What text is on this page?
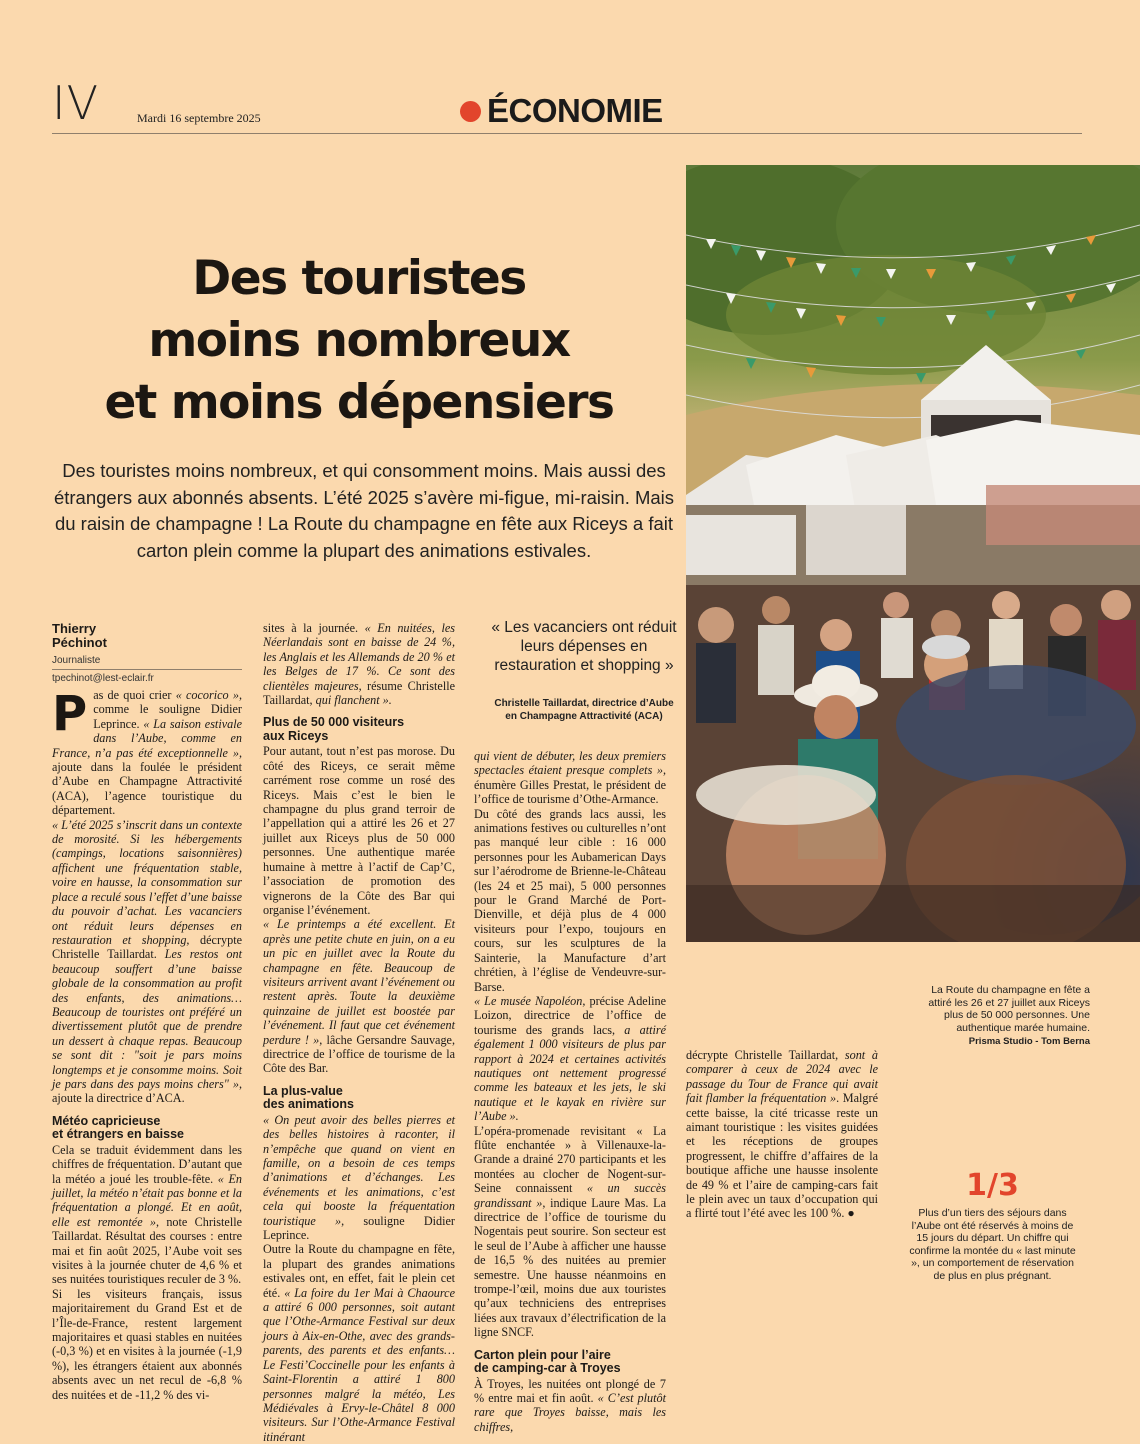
IV	Mardi 16 septembre 2025	ÉCONOMIE
Des touristes
moins nombreux
et moins dépensiers
Des touristes moins nombreux, et qui consomment moins. Mais aussi des étrangers aux abonnés absents. L’été 2025 s’avère mi-figue, mi-raisin. Mais du raisin de champagne ! La Route du champagne en fête aux Riceys a fait carton plein comme la plupart des animations estivales.
Thierry
Péchinot
Journaliste
tpechinot@lest-eclair.fr

Pas de quoi crier « cocorico », comme le souligne Didier Leprince. « La saison estivale dans l’Aube, comme en France, n’a pas été exceptionnelle », ajoute dans la foulée le président d’Aube en Champagne Attractivité (ACA), l’agence touristique du département.

« L’été 2025 s’inscrit dans un contexte de morosité. Si les hébergements (campings, locations saisonnières) affichent une fréquentation stable, voire en hausse, la consommation sur place a reculé sous l’effet d’une baisse du pouvoir d’achat. Les vacanciers ont réduit leurs dépenses en restauration et shopping, décrypte Christelle Taillardat. Les restos ont beaucoup souffert d’une baisse globale de la consommation au profit des enfants, des animations… Beaucoup de touristes ont préféré un divertissement plutôt que de prendre un dessert à chaque repas. Beaucoup se sont dit : "soit je pars moins longtemps et je consomme moins. Soit je pars dans des pays moins chers" », ajoute la directrice d’ACA.

Météo capricieuse
et étrangers en baisse

Cela se traduit évidemment dans les chiffres de fréquentation. D’autant que la météo a joué les trouble-fête. « En juillet, la météo n’était pas bonne et la fréquentation a plongé. Et en août, elle est remontée », note Christelle Taillardat. Résultat des courses : entre mai et fin août 2025, l’Aube voit ses visites à la journée chuter de 4,6 % et ses nuitées touristiques reculer de 3 %.

Si les visiteurs français, issus majoritairement du Grand Est et de l’Île-de-France, restent largement majoritaires et quasi stables en nuitées (-0,3 %) et en visites à la journée (-1,9 %), les étrangers étaient aux abonnés absents avec un net recul de -6,8 % des nuitées et de -11,2 % des vi-

sites à la journée. « En nuitées, les Néerlandais sont en baisse de 24 %, les Anglais et les Allemands de 20 % et les Belges de 17 %. Ce sont des clientèles majeures, résume Christelle Taillardat, qui flanchent ».

Plus de 50 000 visiteurs
aux Riceys

Pour autant, tout n’est pas morose. Du côté des Riceys, ce serait même carrément rose comme un rosé des Riceys. Mais c’est le bien le champagne du plus grand terroir de l’appellation qui a attiré les 26 et 27 juillet aux Riceys plus de 50 000 personnes. Une authentique marée humaine à mettre à l’actif de Cap’C, l’association de promotion des vignerons de la Côte des Bar qui organise l’événement.

« Le printemps a été excellent. Et après une petite chute en juin, on a eu un pic en juillet avec la Route du champagne en fête. Beaucoup de visiteurs arrivent avant l’événement ou restent après. Toute la deuxième quinzaine de juillet est boostée par l’événement. Il faut que cet événement perdure ! », lâche Gersandre Sauvage, directrice de l’office de tourisme de la Côte des Bar.

La plus-value
des animations

« On peut avoir des belles pierres et des belles histoires à raconter, il n’empêche que quand on vient en famille, on a besoin de ces temps d’animations et d’échanges. Les événements et les animations, c’est cela qui booste la fréquentation touristique », souligne Didier Leprince.

Outre la Route du champagne en fête, la plupart des grandes animations estivales ont, en effet, fait le plein cet été. « La foire du 1er Mai à Chaource a attiré 6 000 personnes, soit autant que l’Othe-Armance Festival sur deux jours à Aix-en-Othe, avec des grands-parents, des parents et des enfants… Le Festi’Coccinelle pour les enfants à Saint-Florentin a attiré 1 800 personnes malgré la météo, Les Médiévales à Ervy-le-Châtel 8 000 visiteurs. Sur l’Othe-Armance Festival itinérant

« Les vacanciers ont réduit leurs dépenses en restauration et shopping »
Christelle Taillardat, directrice d’Aube
en Champagne Attractivité (ACA)

qui vient de débuter, les deux premiers spectacles étaient presque complets », énumère Gilles Prestat, le président de l’office de tourisme d’Othe-Armance.

Du côté des grands lacs aussi, les animations festives ou culturelles n’ont pas manqué leur cible : 16 000 personnes pour les Aubamerican Days sur l’aérodrome de Brienne-le-Château (les 24 et 25 mai), 5 000 personnes pour le Grand Marché de Port-Dienville, et déjà plus de 4 000 visiteurs pour l’expo, toujours en cours, sur les sculptures de la Sainterie, la Manufacture d’art chrétien, à l’église de Vendeuvre-sur-Barse.

« Le musée Napoléon, précise Adeline Loizon, directrice de l’office de tourisme des grands lacs, a attiré également 1 000 visiteurs de plus par rapport à 2024 et certaines activités nautiques ont nettement progressé comme les bateaux et les jets, le ski nautique et le kayak en rivière sur l’Aube ».

L’opéra-promenade revisitant « La flûte enchantée » à Villenauxe-la-Grande a drainé 270 participants et les montées au clocher de Nogent-sur-Seine connaissent « un succès grandissant », indique Laure Mas. La directrice de l’office de tourisme du Nogentais peut sourire. Son secteur est le seul de l’Aube à afficher une hausse de 16,5 % des nuitées au premier semestre. Une hausse néanmoins en trompe-l’œil, moins due aux touristes qu’aux techniciens des entreprises liées aux travaux d’électrification de la ligne SNCF.

Carton plein pour l’aire
de camping-car à Troyes

À Troyes, les nuitées ont plongé de 7 % entre mai et fin août. « C’est plutôt rare que Troyes baisse, mais les chiffres,

décrypte Christelle Taillardat, sont à comparer à ceux de 2024 avec le passage du Tour de France qui avait fait flamber la fréquentation ». Malgré cette baisse, la cité tricasse reste un aimant touristique : les visites guidées et les réceptions de groupes progressent, le chiffre d’affaires de la boutique affiche une hausse insolente de 49 % et l’aire de camping-cars fait le plein avec un taux d’occupation qui a flirté tout l’été avec les 100 %. ●

La Route du champagne en fête a attiré les 26 et 27 juillet aux Riceys plus de 50 000 personnes. Une authentique marée humaine.
Prisma Studio - Tom Berna
1/3
Plus d’un tiers des séjours dans l’Aube ont été réservés à moins de 15 jours du départ. Un chiffre qui confirme la montée du « last minute », un comportement de réservation de plus en plus prégnant.
